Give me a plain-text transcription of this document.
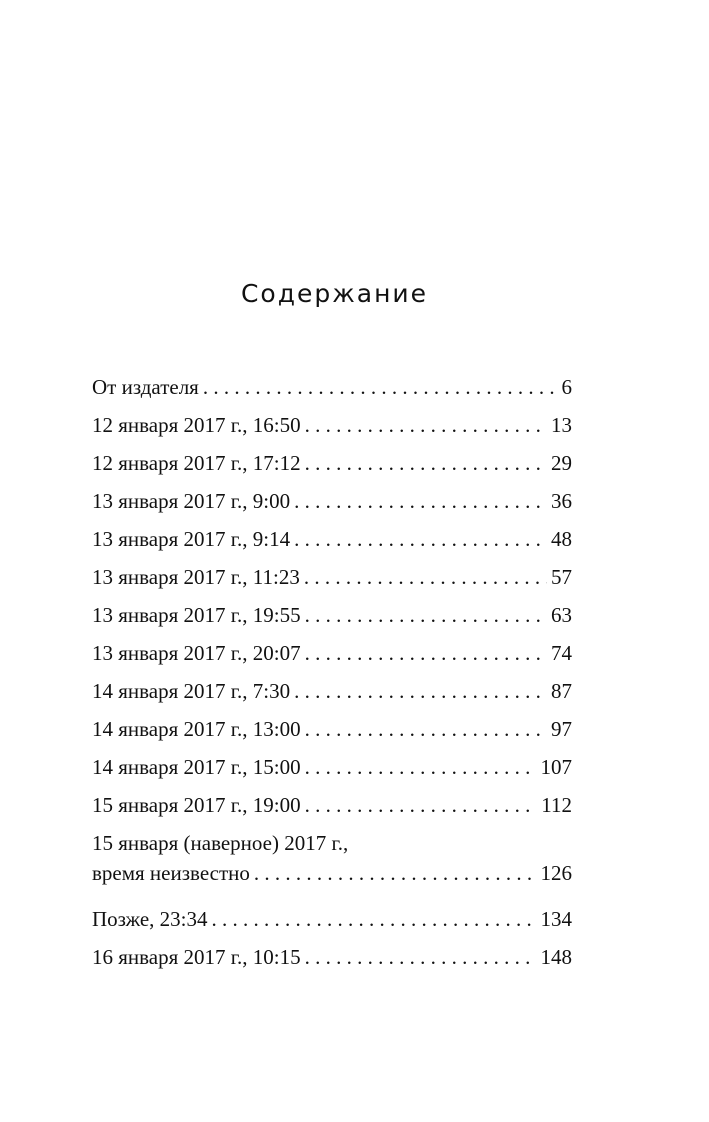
Содержание
От издателя . . .	6
12 января 2017 г., 16:50 . . .	13
12 января 2017 г., 17:12 . . .	29
13 января 2017 г., 9:00 . . .	36
13 января 2017 г., 9:14 . . .	48
13 января 2017 г., 11:23 . . .	57
13 января 2017 г., 19:55 . . .	63
13 января 2017 г., 20:07 . . .	74
14 января 2017 г., 7:30 . . .	87
14 января 2017 г., 13:00 . . .	97
14 января 2017 г., 15:00 . . .	107
15 января 2017 г., 19:00 . . .	112
15 января (наверное) 2017 г.,
время неизвестно . . .	126
Позже, 23:34 . . .	134
16 января 2017 г., 10:15 . . .	148
